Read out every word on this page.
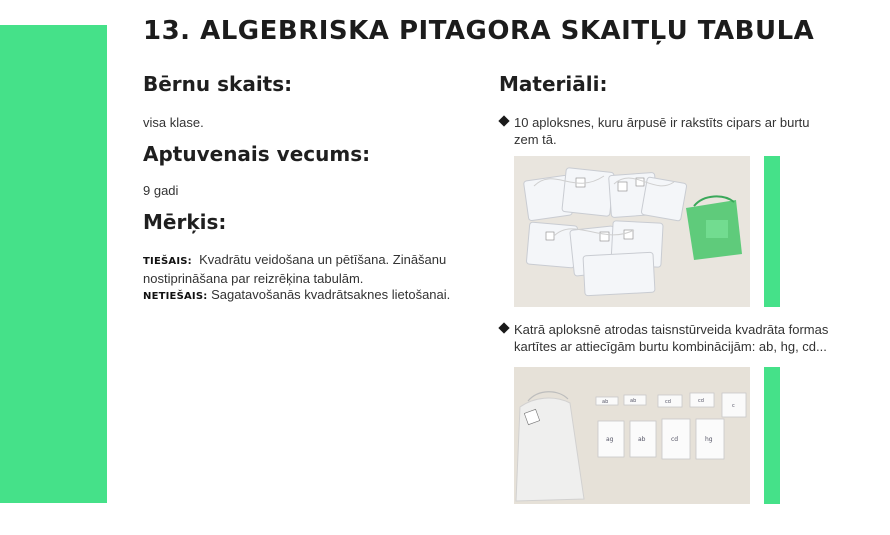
13. ALGEBRISKA PITAGORA SKAITĻU TABULA
Bērnu skaits:

visa klase.

Aptuvenais vecums:

9 gadi

Mērķis:
TIEŠAIS: Kvadrātu veidošana un pētīšana. Zināšanu nostiprināšana par reizrēķina tabulām.
NETIEŠAIS: Sagatavošanās kvadrātsaknes lietošanai.
Materiāli:
10 aploksnes, kuru ārpusē ir rakstīts cipars ar burtu zem tā.
Katrā aploksnē atrodas taisnstūrveida kvadrāta formas kartītes ar attiecīgām burtu kombinācijām: ab, hg, cd...
ab	ab	cd	cd
c
ag	ab	cd	hg
